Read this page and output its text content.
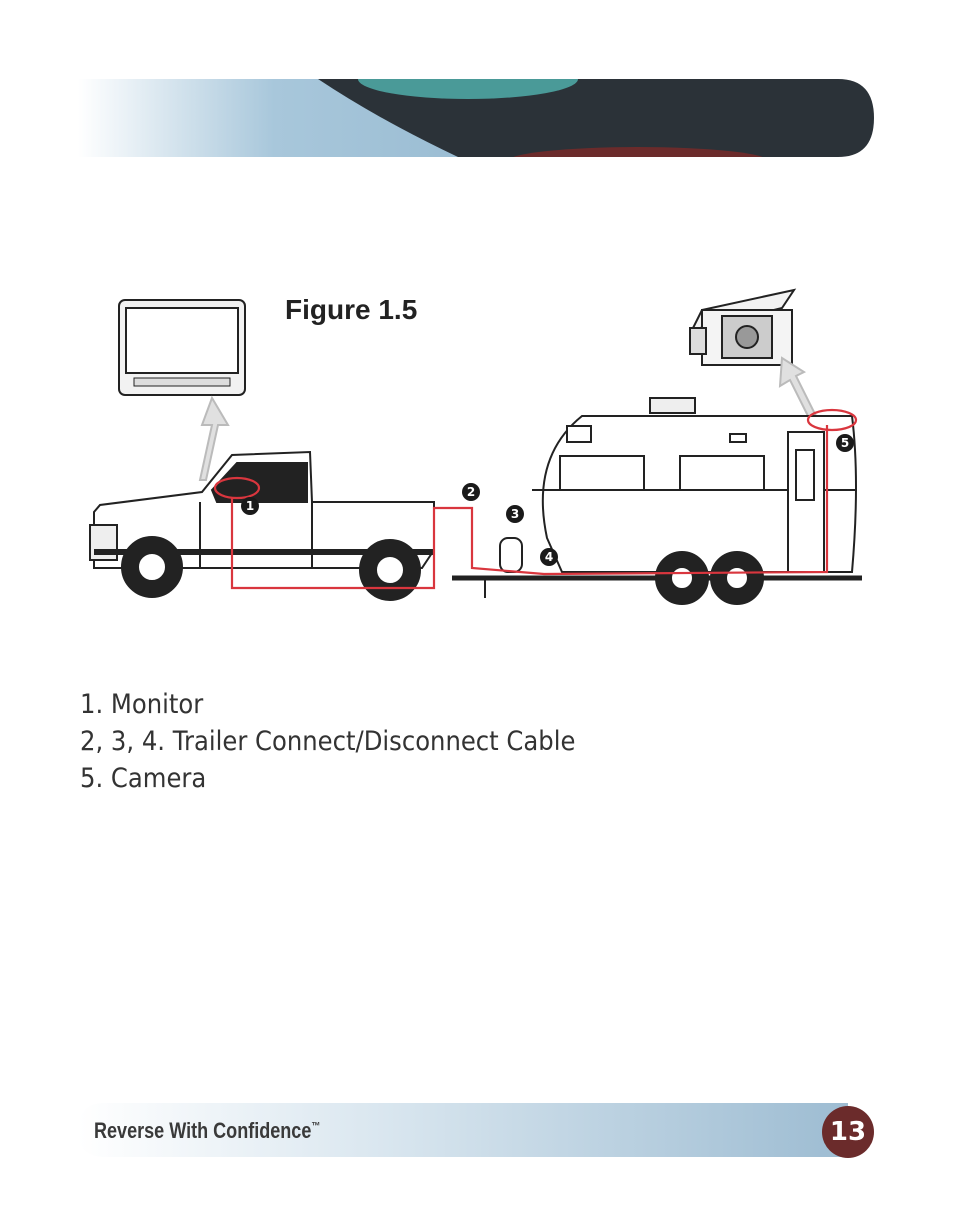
Installing the Monitor
1
2
3
4
5
Figure 1.5
1. Monitor
2, 3, 4. Trailer Connect/Disconnect Cable
5. Camera
Reverse With Confidence™	13
